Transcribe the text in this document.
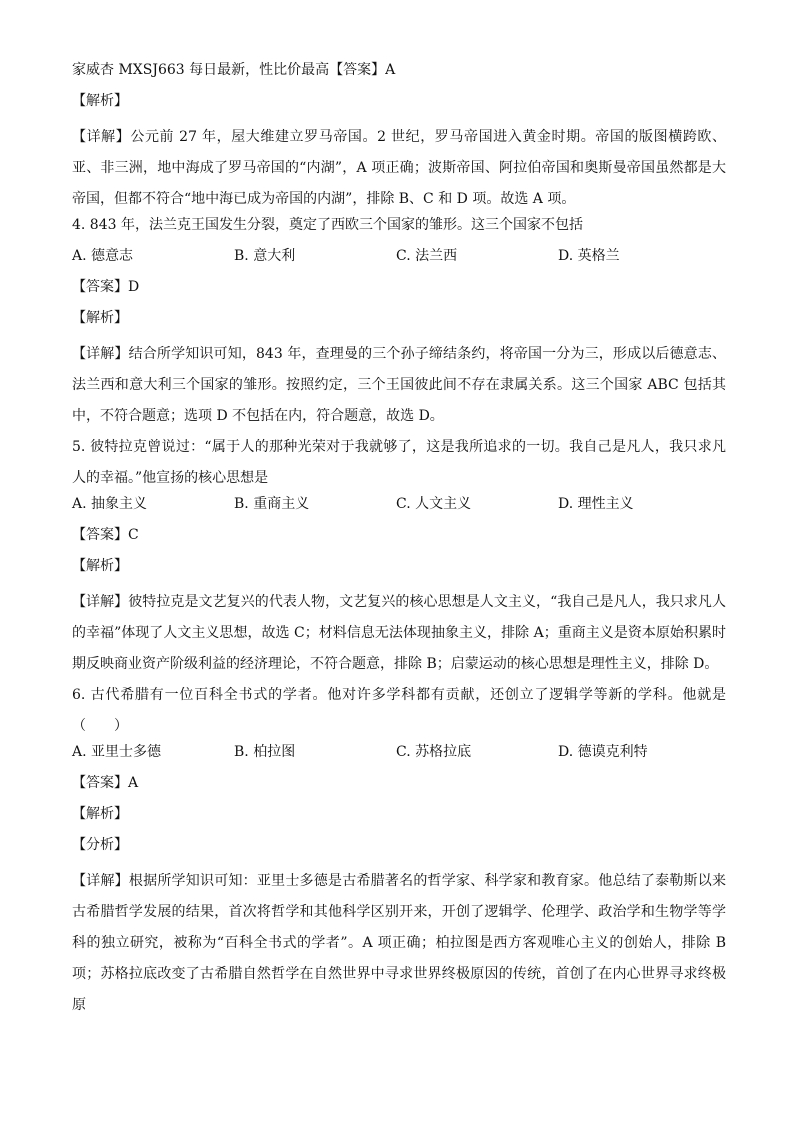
家威杏 MXSJ663 每日最新，性比价最高【答案】A
【解析】
【详解】公元前 27 年，屋大维建立罗马帝国。2 世纪，罗马帝国进入黄金时期。帝国的版图横跨欧、亚、非三洲，地中海成了罗马帝国的“内湖”，A 项正确；波斯帝国、阿拉伯帝国和奥斯曼帝国虽然都是大帝国，但都不符合“地中海已成为帝国的内湖”，排除 B、C 和 D 项。故选 A 项。
4. 843 年，法兰克王国发生分裂，奠定了西欧三个国家的雏形。这三个国家不包括
A. 德意志	B. 意大利	C. 法兰西	D. 英格兰
【答案】D
【解析】
【详解】结合所学知识可知，843 年，查理曼的三个孙子缔结条约，将帝国一分为三，形成以后德意志、法兰西和意大利三个国家的雏形。按照约定，三个王国彼此间不存在隶属关系。这三个国家 ABC 包括其中，不符合题意；选项 D 不包括在内，符合题意，故选 D。
5. 彼特拉克曾说过：“属于人的那种光荣对于我就够了，这是我所追求的一切。我自己是凡人，我只求凡人的幸福。”他宣扬的核心思想是
A. 抽象主义	B. 重商主义	C. 人文主义	D. 理性主义
【答案】C
【解析】
【详解】彼特拉克是文艺复兴的代表人物，文艺复兴的核心思想是人文主义，“我自己是凡人，我只求凡人的幸福”体现了人文主义思想，故选 C；材料信息无法体现抽象主义，排除 A；重商主义是资本原始积累时期反映商业资产阶级利益的经济理论，不符合题意，排除 B；启蒙运动的核心思想是理性主义，排除 D。
6. 古代希腊有一位百科全书式的学者。他对许多学科都有贡献，还创立了逻辑学等新的学科。他就是（　　）
A. 亚里士多德	B. 柏拉图	C. 苏格拉底	D. 德谟克利特
【答案】A
【解析】
【分析】
【详解】根据所学知识可知：亚里士多德是古希腊著名的哲学家、科学家和教育家。他总结了泰勒斯以来古希腊哲学发展的结果，首次将哲学和其他科学区别开来，开创了逻辑学、伦理学、政治学和生物学等学科的独立研究，被称为“百科全书式的学者”。A 项正确；柏拉图是西方客观唯心主义的创始人，排除 B 项；苏格拉底改变了古希腊自然哲学在自然世界中寻求世界终极原因的传统，首创了在内心世界寻求终极原
